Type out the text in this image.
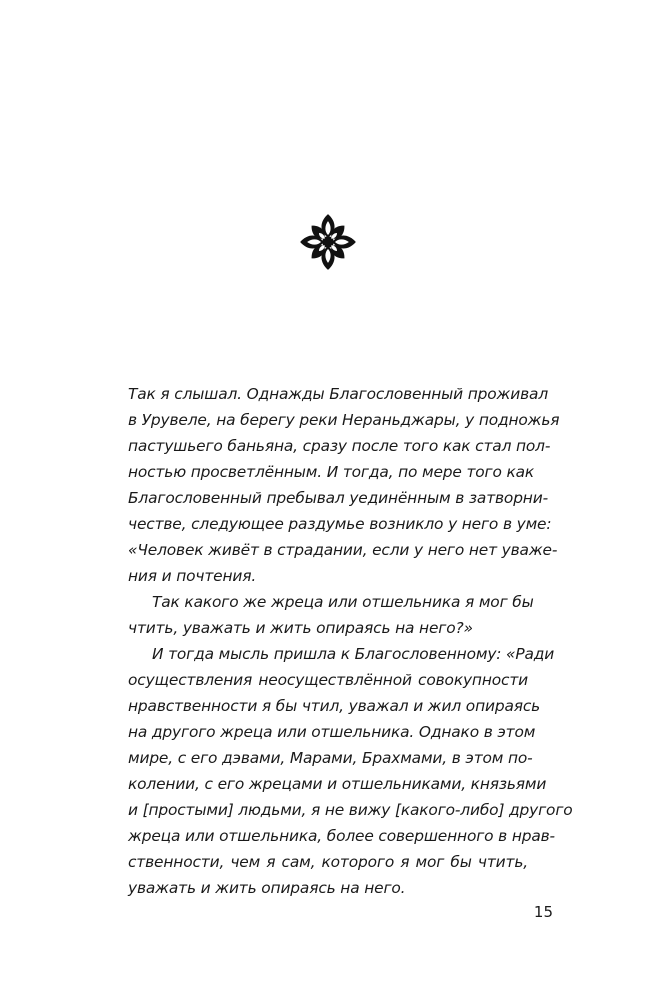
Так я слышал. Однажды Благословенный проживал
в Урувеле, на берегу реки Нераньджары, у подножья
пастушьего баньяна, сразу после того как стал пол-
ностью просветлённым. И тогда, по мере того как
Благословенный пребывал уединённым в затворни-
честве, следующее раздумье возникло у него в уме:
«Человек живёт в страдании, если у него нет уваже-
ния и почтения.
Так какого же жреца или отшельника я мог бы
чтить, уважать и жить опираясь на него?»
И тогда мысль пришла к Благословенному: «Ради
осуществления неосуществлённой совокупности
нравственности я бы чтил, уважал и жил опираясь
на другого жреца или отшельника. Однако в этом
мире, с его дэвами, Марами, Брахмами, в этом по-
колении, с его жрецами и отшельниками, князьями
и [простыми] людьми, я не вижу [какого-либо] другого
жреца или отшельника, более совершенного в нрав-
ственности, чем я сам, которого я мог бы чтить,
уважать и жить опираясь на него.
15
